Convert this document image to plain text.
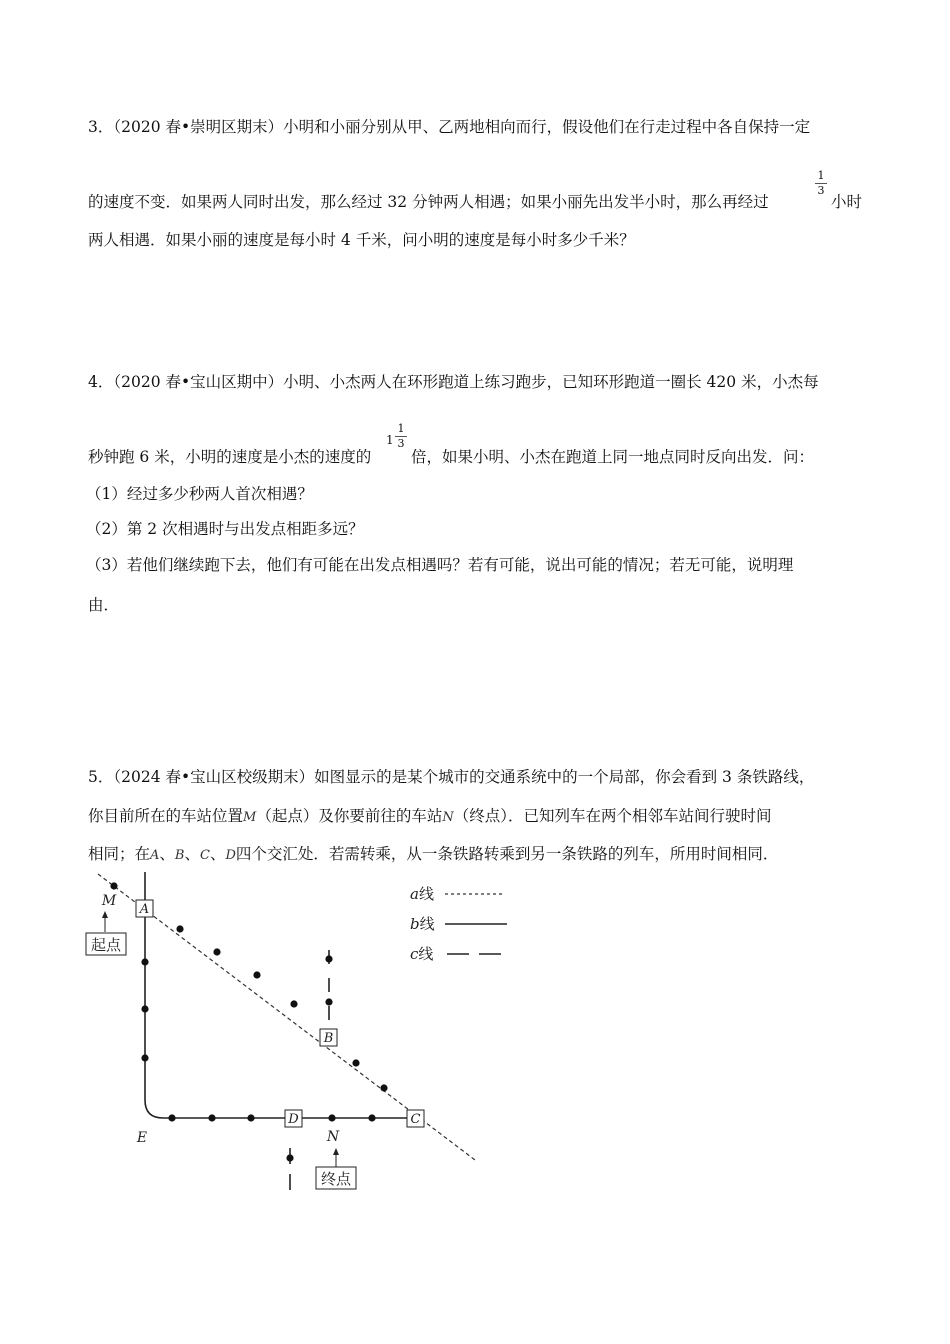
3．（2020 春•崇明区期末）小明和小丽分别从甲、乙两地相向而行，假设他们在行走过程中各自保持一定
的速度不变．如果两人同时出发，那么经过 32 分钟两人相遇；如果小丽先出发半小时，那么再经过
1
3
小时
两人相遇．如果小丽的速度是每小时 4 千米，问小明的速度是每小时多少千米？
4．（2020 春•宝山区期中）小明、小杰两人在环形跑道上练习跑步，已知环形跑道一圈长 420 米，小杰每
秒钟跑 6 米，小明的速度是小杰的速度的
1
1
3
倍，如果小明、小杰在跑道上同一地点同时反向出发．问：
（1）经过多少秒两人首次相遇？
（2）第 2 次相遇时与出发点相距多远？
（3）若他们继续跑下去，他们有可能在出发点相遇吗？若有可能，说出可能的情况；若无可能，说明理
由．
5．（2024 春•宝山区校级期末）如图显示的是某个城市的交通系统中的一个局部，你会看到 3 条铁路线，
你目前所在的车站位置M（起点）及你要前往的车站N（终点）．已知列车在两个相邻车站间行驶时间
相同；在A、B、C、D四个交汇处．若需转乘，从一条铁路转乘到另一条铁路的列车，所用时间相同．
A
B
D	C
M
起点
E	N
终点
a线
b线
c线
